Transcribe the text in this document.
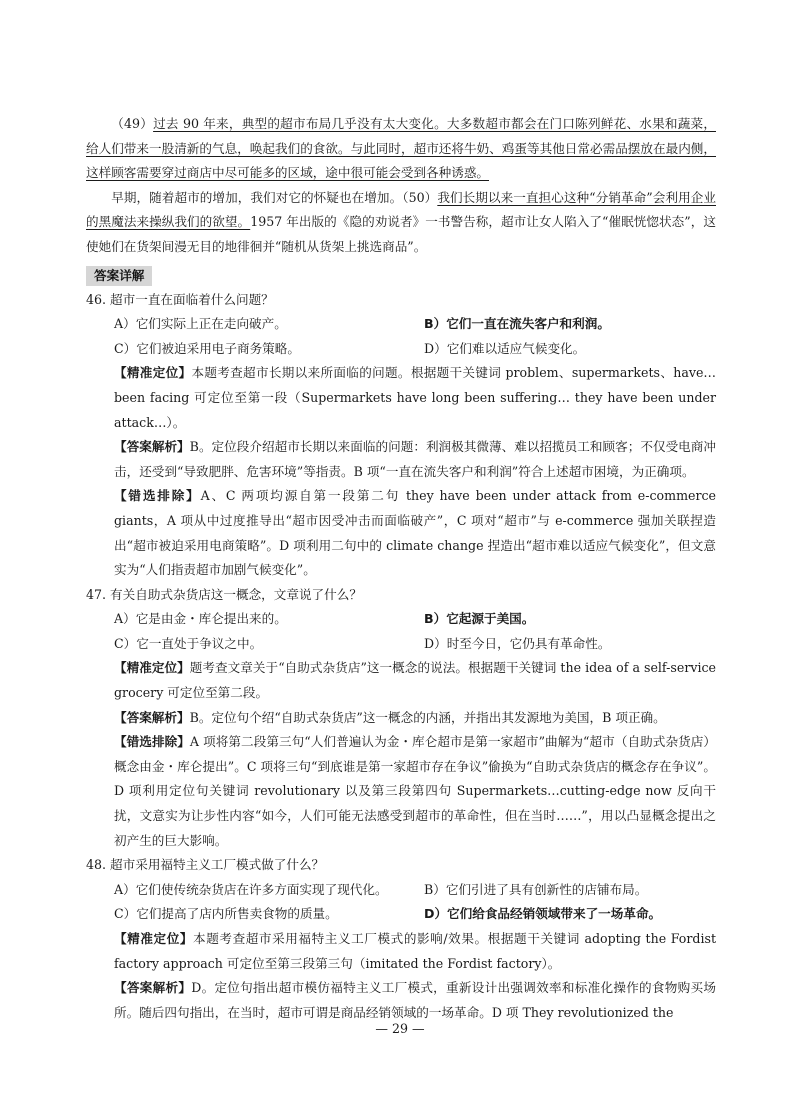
（49）过去 90 年来，典型的超市布局几乎没有太大变化。大多数超市都会在门口陈列鲜花、水果和蔬菜，给人们带来一股清新的气息，唤起我们的食欲。与此同时，超市还将牛奶、鸡蛋等其他日常必需品摆放在最内侧，这样顾客需要穿过商店中尽可能多的区域，途中很可能会受到各种诱惑。

早期，随着超市的增加，我们对它的怀疑也在增加。（50）我们长期以来一直担心这种“分销革命”会利用企业的黑魔法来操纵我们的欲望。1957 年出版的《隐的劝说者》一书警告称，超市让女人陷入了“催眠恍惚状态”，这使她们在货架间漫无目的地徘徊并“随机从货架上挑选商品”。

答案详解

46. 超市一直在面临着什么问题？

A）它们实际上正在走向破产。	B）它们一直在流失客户和利润。
C）它们被迫采用电子商务策略。	D）它们难以适应气候变化。

【精准定位】本题考查超市长期以来所面临的问题。根据题干关键词 problem、supermarkets、have…been facing 可定位至第一段（Supermarkets have long been suffering… they have been under attack…）。

【答案解析】B。定位段介绍超市长期以来面临的问题：利润极其微薄、难以招揽员工和顾客；不仅受电商冲击，还受到“导致肥胖、危害环境”等指责。B 项“一直在流失客户和利润”符合上述超市困境，为正确项。

【错选排除】A、C 两项均源自第一段第二句 they have been under attack from e-commerce giants，A 项从中过度推导出“超市因受冲击而面临破产”，C 项对“超市”与 e-commerce 强加关联捏造出“超市被迫采用电商策略”。D 项利用二句中的 climate change 捏造出“超市难以适应气候变化”，但文意实为“人们指责超市加剧气候变化”。

47. 有关自助式杂货店这一概念，文章说了什么？

A）它是由金・库仑提出来的。	B）它起源于美国。
C）它一直处于争议之中。	D）时至今日，它仍具有革命性。

【精准定位】题考查文章关于“自助式杂货店”这一概念的说法。根据题干关键词 the idea of a self-service grocery 可定位至第二段。

【答案解析】B。定位句个绍“自助式杂货店”这一概念的内涵，并指出其发源地为美国，B 项正确。

【错选排除】A 项将第二段第三句“人们普遍认为金・库仑超市是第一家超市”曲解为“超市（自助式杂货店）概念由金・库仑提出”。C 项将三句“到底谁是第一家超市存在争议”偷换为“自助式杂货店的概念存在争议”。D 项利用定位句关键词 revolutionary 以及第三段第四句 Supermarkets…cutting-edge now 反向干扰，文意实为让步性内容“如今，人们可能无法感受到超市的革命性，但在当时……”，用以凸显概念提出之初产生的巨大影响。

48. 超市采用福特主义工厂模式做了什么？

A）它们使传统杂货店在许多方面实现了现代化。	B）它们引进了具有创新性的店铺布局。
C）它们提高了店内所售卖食物的质量。	D）它们给食品经销领域带来了一场革命。

【精准定位】本题考查超市采用福特主义工厂模式的影响/效果。根据题干关键词 adopting the Fordist factory approach 可定位至第三段第三句（imitated the Fordist factory）。

【答案解析】D。定位句指出超市模仿福特主义工厂模式，重新设计出强调效率和标准化操作的食物购买场所。随后四句指出，在当时，超市可谓是商品经销领域的一场革命。D 项 They revolutionized the

— 29 —
